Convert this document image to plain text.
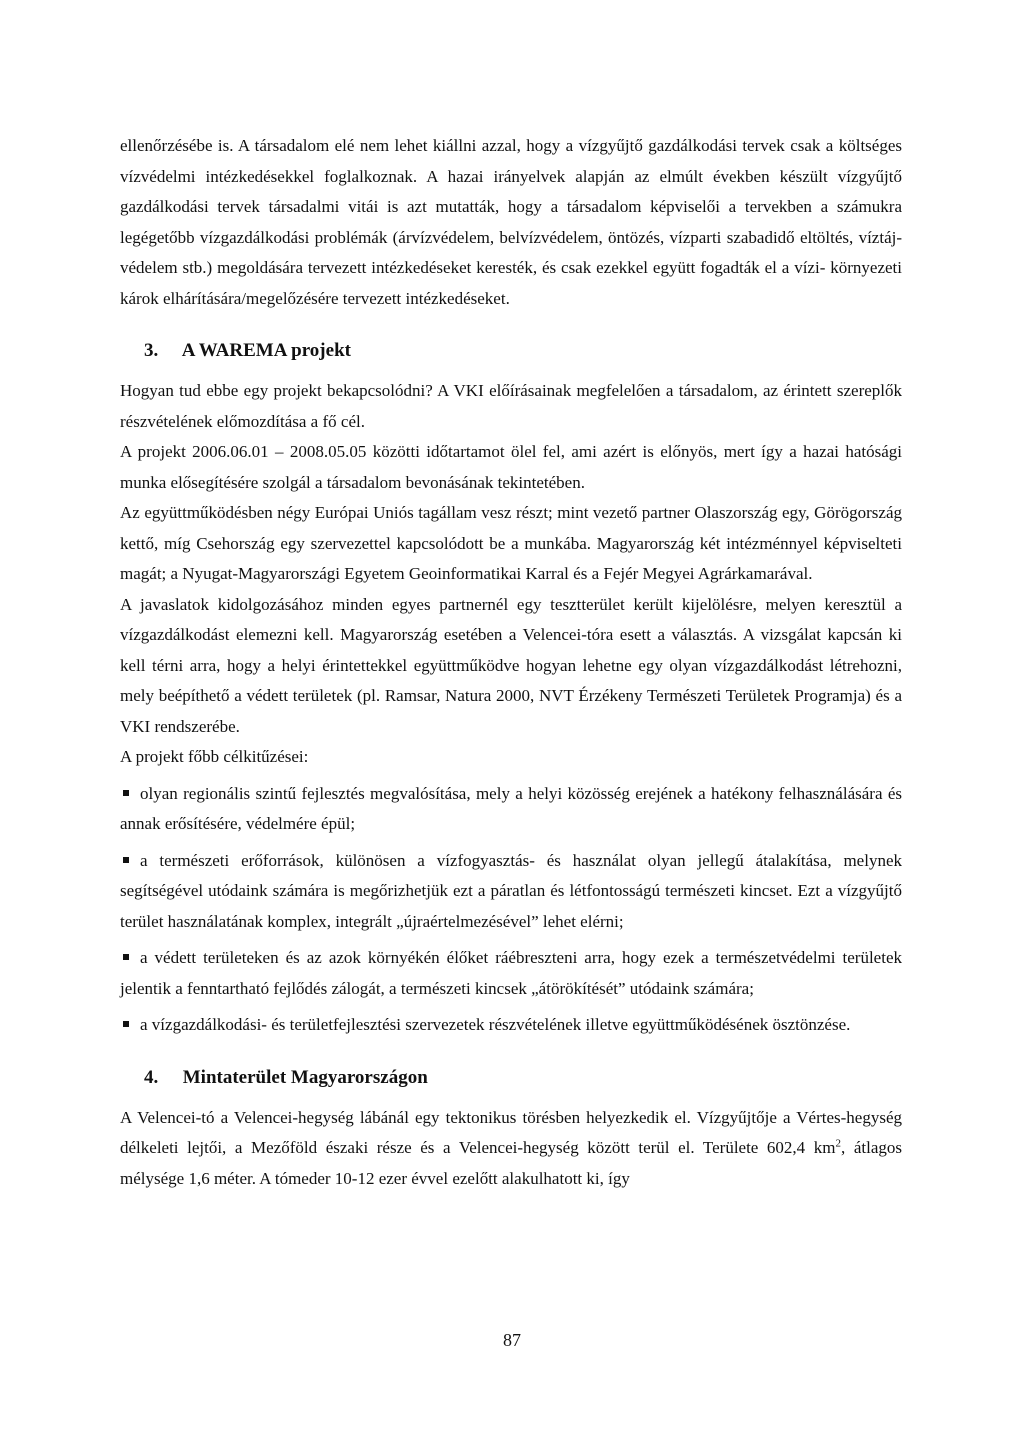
ellenőrzésébe is. A társadalom elé nem lehet kiállni azzal, hogy a vízgyűjtő gazdálkodási tervek csak a költséges vízvédelmi intézkedésekkel foglalkoznak. A hazai irányelvek alapján az elmúlt években készült vízgyűjtő gazdálkodási tervek társadalmi vitái is azt mutatták, hogy a társadalom képviselői a tervekben a számukra legégetőbb vízgazdálkodási problémák (árvízvédelem, belvízvédelem, öntözés, vízparti szabadidő eltöltés, víztáj-védelem stb.) megoldására tervezett intézkedéseket keresték, és csak ezekkel együtt fogadták el a vízi- környezeti károk elhárítására/megelőzésére tervezett intézkedéseket.

3. A WAREMA projekt

Hogyan tud ebbe egy projekt bekapcsolódni? A VKI előírásainak megfelelően a társadalom, az érintett szereplők részvételének előmozdítása a fő cél.

A projekt 2006.06.01 – 2008.05.05 közötti időtartamot ölel fel, ami azért is előnyös, mert így a hazai hatósági munka elősegítésére szolgál a társadalom bevonásának tekintetében.

Az együttműködésben négy Európai Uniós tagállam vesz részt; mint vezető partner Olaszország egy, Görögország kettő, míg Csehország egy szervezettel kapcsolódott be a munkába. Magyarország két intézménnyel képviselteti magát; a Nyugat-Magyarországi Egyetem Geoinformatikai Karral és a Fejér Megyei Agrárkamarával.

A javaslatok kidolgozásához minden egyes partnernél egy tesztterület került kijelölésre, melyen keresztül a vízgazdálkodást elemezni kell. Magyarország esetében a Velencei-tóra esett a választás. A vizsgálat kapcsán ki kell térni arra, hogy a helyi érintettekkel együttműködve hogyan lehetne egy olyan vízgazdálkodást létrehozni, mely beépíthető a védett területek (pl. Ramsar, Natura 2000, NVT Érzékeny Természeti Területek Programja) és a VKI rendszerébe.

A projekt főbb célkitűzései:

olyan regionális szintű fejlesztés megvalósítása, mely a helyi közösség erejének a hatékony felhasználására és annak erősítésére, védelmére épül;
a természeti erőforrások, különösen a vízfogyasztás- és használat olyan jellegű átalakítása, melynek segítségével utódaink számára is megőrizhetjük ezt a páratlan és létfontosságú természeti kincset. Ezt a vízgyűjtő terület használatának komplex, integrált „újraértelmezésével” lehet elérni;
a védett területeken és az azok környékén élőket ráébreszteni arra, hogy ezek a természetvédelmi területek jelentik a fenntartható fejlődés zálogát, a természeti kincsek „átörökítését” utódaink számára;
a vízgazdálkodási- és területfejlesztési szervezetek részvételének illetve együttműködésének ösztönzése.
4. Mintaterület Magyarországon

A Velencei-tó a Velencei-hegység lábánál egy tektonikus törésben helyezkedik el. Vízgyűjtője a Vértes-hegység délkeleti lejtői, a Mezőföld északi része és a Velencei-hegység között terül el. Területe 602,4 $km^2$, átlagos mélysége 1,6 méter. A tómeder 10-12 ezer évvel ezelőtt alakulhatott ki, így

87
